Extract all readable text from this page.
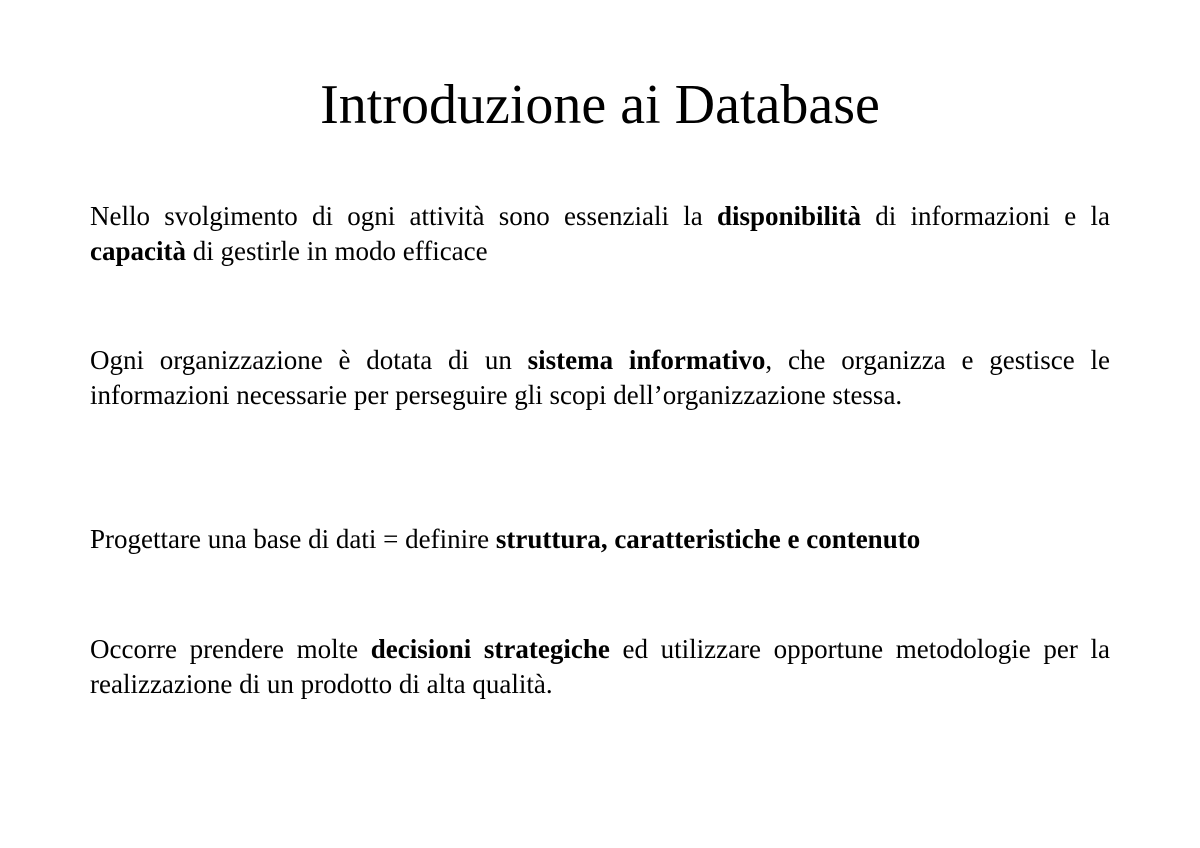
Introduzione ai Database

Nello svolgimento di ogni attività sono essenziali la disponibilità di informazioni e la capacità di gestirle in modo efficace

Ogni organizzazione è dotata di un sistema informativo, che organizza e gestisce le informazioni necessarie per perseguire gli scopi dell’organizzazione stessa.

Progettare una base di dati = definire struttura, caratteristiche e contenuto

Occorre prendere molte decisioni strategiche ed utilizzare opportune metodologie per la realizzazione di un prodotto di alta qualità.
